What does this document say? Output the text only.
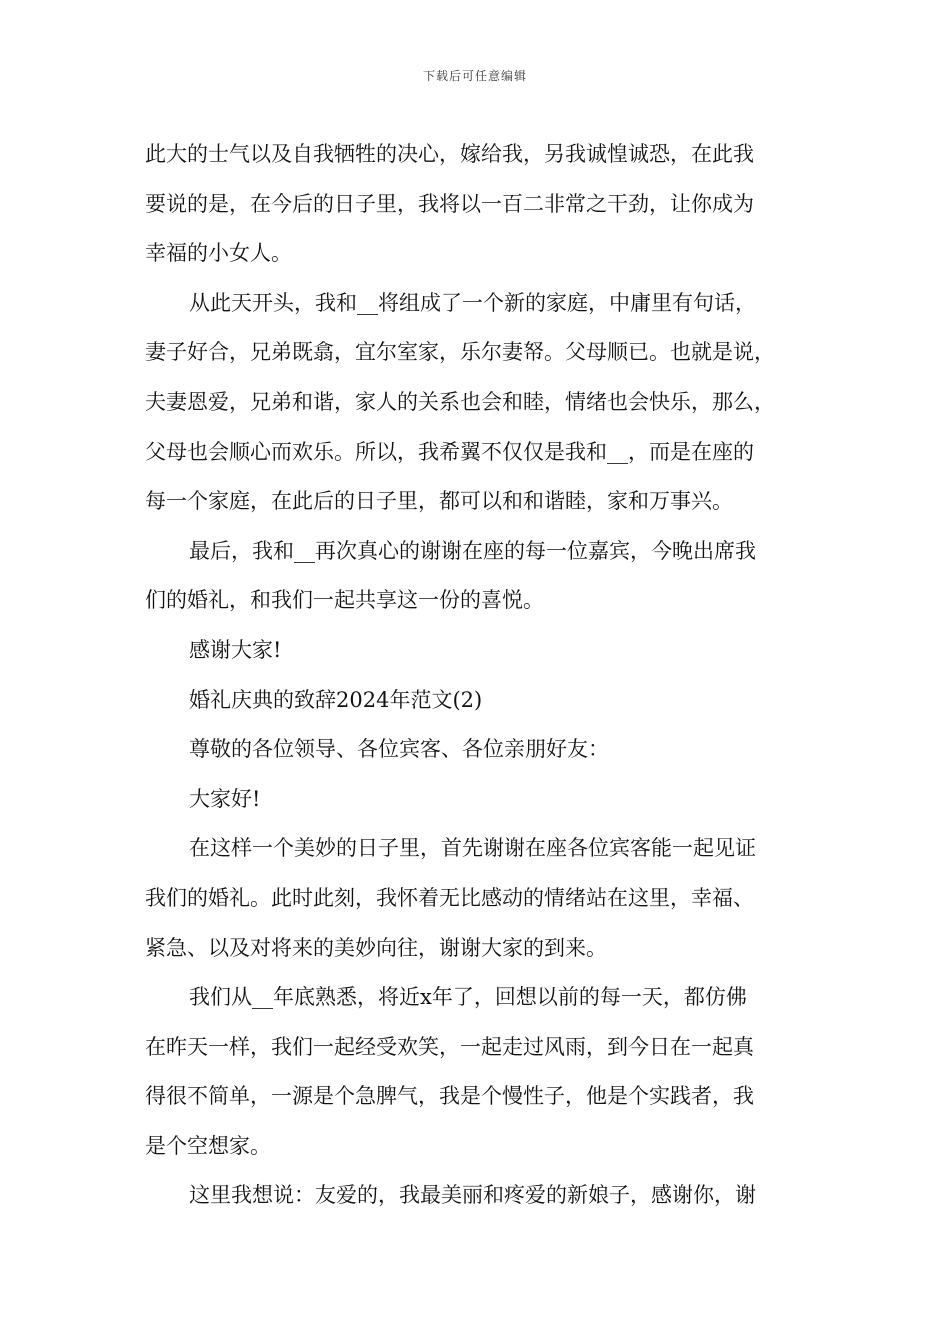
下载后可任意编辑
此大的士气以及自我牺牲的决心，嫁给我，另我诚惶诚恐，在此我
要说的是，在今后的日子里，我将以一百二非常之干劲，让你成为
幸福的小女人。
从此天开头，我和__将组成了一个新的家庭，中庸里有句话，
妻子好合，兄弟既翕，宜尔室家，乐尔妻帑。父母顺已。也就是说，
夫妻恩爱，兄弟和谐，家人的关系也会和睦，情绪也会快乐，那么，
父母也会顺心而欢乐。所以，我希翼不仅仅是我和__，而是在座的
每一个家庭，在此后的日子里，都可以和和谐睦，家和万事兴。
最后，我和__再次真心的谢谢在座的每一位嘉宾，今晚出席我
们的婚礼，和我们一起共享这一份的喜悦。
感谢大家!
婚礼庆典的致辞2024年范文(2)
尊敬的各位领导、各位宾客、各位亲朋好友：
大家好!
在这样一个美妙的日子里，首先谢谢在座各位宾客能一起见证
我们的婚礼。此时此刻，我怀着无比感动的情绪站在这里，幸福、
紧急、以及对将来的美妙向往，谢谢大家的到来。
我们从__年底熟悉，将近x年了，回想以前的每一天，都仿佛
在昨天一样，我们一起经受欢笑，一起走过风雨，到今日在一起真
得很不简单，一源是个急脾气，我是个慢性子，他是个实践者，我
是个空想家。
这里我想说：友爱的，我最美丽和疼爱的新娘子，感谢你，谢
